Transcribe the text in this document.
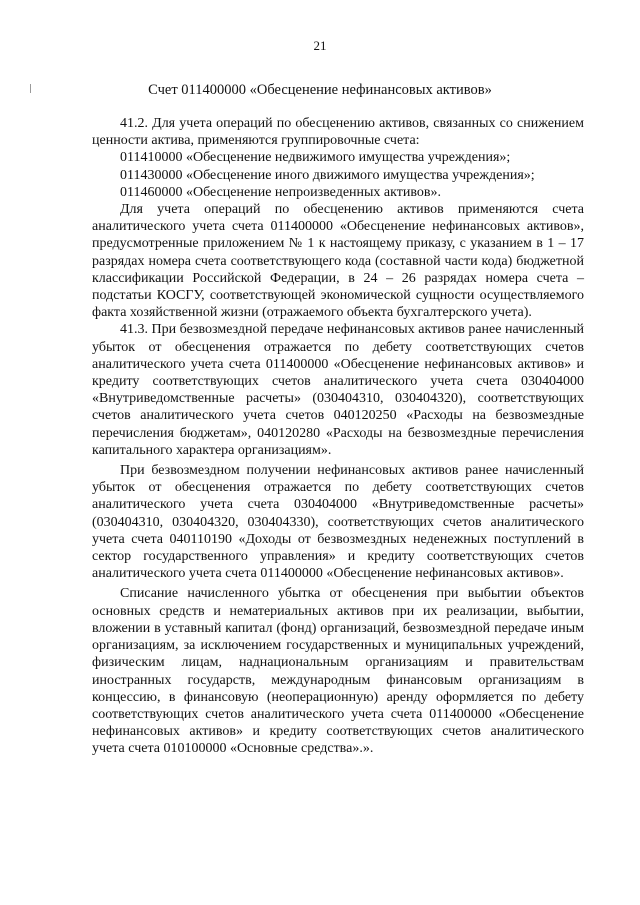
21
Счет 011400000 «Обесценение нефинансовых активов»

41.2. Для учета операций по обесценению активов, связанных со снижением ценности актива, применяются группировочные счета:

011410000 «Обесценение недвижимого имущества учреждения»;

011430000 «Обесценение иного движимого имущества учреждения»;

011460000 «Обесценение непроизведенных активов».

Для учета операций по обесценению активов применяются счета аналитического учета счета 011400000 «Обесценение нефинансовых активов», предусмотренные приложением № 1 к настоящему приказу, с указанием в 1 – 17 разрядах номера счета соответствующего кода (составной части кода) бюджетной классификации Российской Федерации, в 24 – 26 разрядах номера счета – подстатьи КОСГУ, соответствующей экономической сущности осуществляемого факта хозяйственной жизни (отражаемого объекта бухгалтерского учета).

41.3. При безвозмездной передаче нефинансовых активов ранее начисленный убыток от обесценения отражается по дебету соответствующих счетов аналитического учета счета 011400000 «Обесценение нефинансовых активов» и кредиту соответствующих счетов аналитического учета счета 030404000 «Внутриведомственные расчеты» (030404310, 030404320), соответствующих счетов аналитического учета счетов 040120250 «Расходы на безвозмездные перечисления бюджетам», 040120280 «Расходы на безвозмездные перечисления капитального характера организациям».

При безвозмездном получении нефинансовых активов ранее начисленный убыток от обесценения отражается по дебету соответствующих счетов аналитического учета счета 030404000 «Внутриведомственные расчеты» (030404310, 030404320, 030404330), соответствующих счетов аналитического учета счета 040110190 «Доходы от безвозмездных неденежных поступлений в сектор государственного управления» и кредиту соответствующих счетов аналитического учета счета 011400000 «Обесценение нефинансовых активов».

Списание начисленного убытка от обесценения при выбытии объектов основных средств и нематериальных активов при их реализации, выбытии, вложении в уставный капитал (фонд) организаций, безвозмездной передаче иным организациям, за исключением государственных и муниципальных учреждений, физическим лицам, наднациональным организациям и правительствам иностранных государств, международным финансовым организациям в концессию, в финансовую (неоперационную) аренду оформляется по дебету соответствующих счетов аналитического учета счета 011400000 «Обесценение нефинансовых активов» и кредиту соответствующих счетов аналитического учета счета 010100000 «Основные средства».».
